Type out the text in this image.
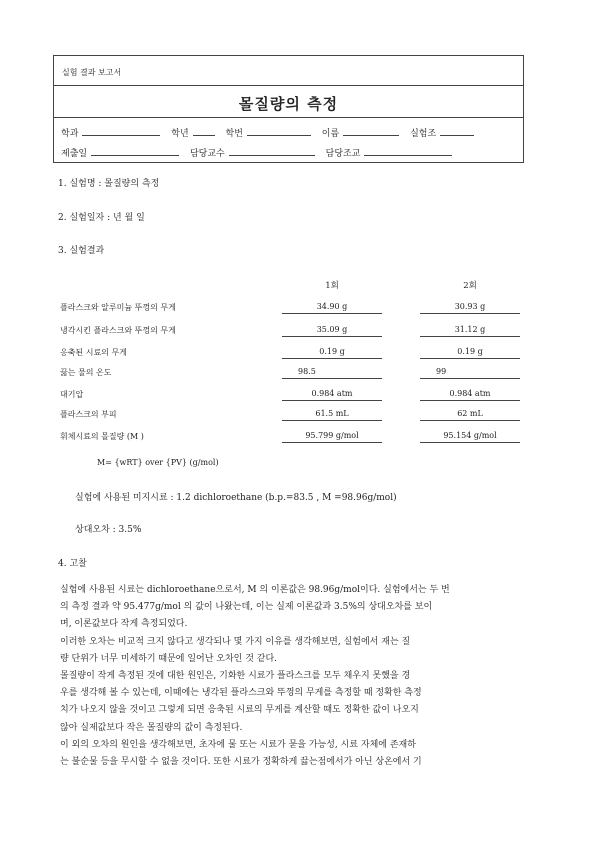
실험 결과 보고서
몰질량의 측정
학과	학년	학번	이름	실험조
제출일	담당교수	담당조교
1. 실험명 : 몰질량의 측정
2. 실험일자 : 년 월 일
3. 실험결과
1회	2회
플라스크와 알루미늄 뚜껑의 무게	34.90 g	30.93 g
냉각시킨 플라스크와 뚜껑의 무게	35.09 g	31.12 g
응축된 시료의 무게	0.19 g	0.19 g
끓는 물의 온도	98.5	99
대기압	0.984 atm	0.984 atm
플라스크의 부피	61.5 mL	62 mL
휘체시료의 몰질량 (M )	95.799 g/mol	95.154 g/mol
M= {wRT} over {PV} (g/mol)
실험에 사용된 미지시료 : 1.2 dichloroethane (b.p.=83.5 , M =98.96g/mol)
상대오차 : 3.5%
4. 고찰
실험에 사용된 시료는 dichloroethane으로서, M 의 이론값은 98.96g/mol이다. 실험에서는 두 번
의 측정 결과 약 95.477g/mol 의 값이 나왔는데, 이는 실제 이론값과 3.5%의 상대오차를 보이
며, 이론값보다 작게 측정되었다.
이러한 오차는 비교적 크지 않다고 생각되나 몇 가지 이유를 생각해보면, 실험에서 재는 질
량 단위가 너무 미세하기 때문에 일어난 오차인 것 같다.
몰질량이 작게 측정된 것에 대한 원인은, 기화한 시료가 플라스크를 모두 채우지 못했을 경
우를 생각해 볼 수 있는데, 이때에는 냉각된 플라스크와 뚜껑의 무게를 측정할 때 정확한 측정
치가 나오지 않을 것이고 그렇게 되면 응축된 시료의 무게를 계산할 때도 정확한 값이 나오지
않아 실제값보다 작은 몰질량의 값이 측정된다.
이 외의 오차의 원인을 생각해보면, 초자에 물 또는 시료가 묻을 가능성, 시료 자체에 존재하
는 불순물 등을 무시할 수 없을 것이다. 또한 시료가 정확하게 끓는점에서가 아닌 상온에서 기
